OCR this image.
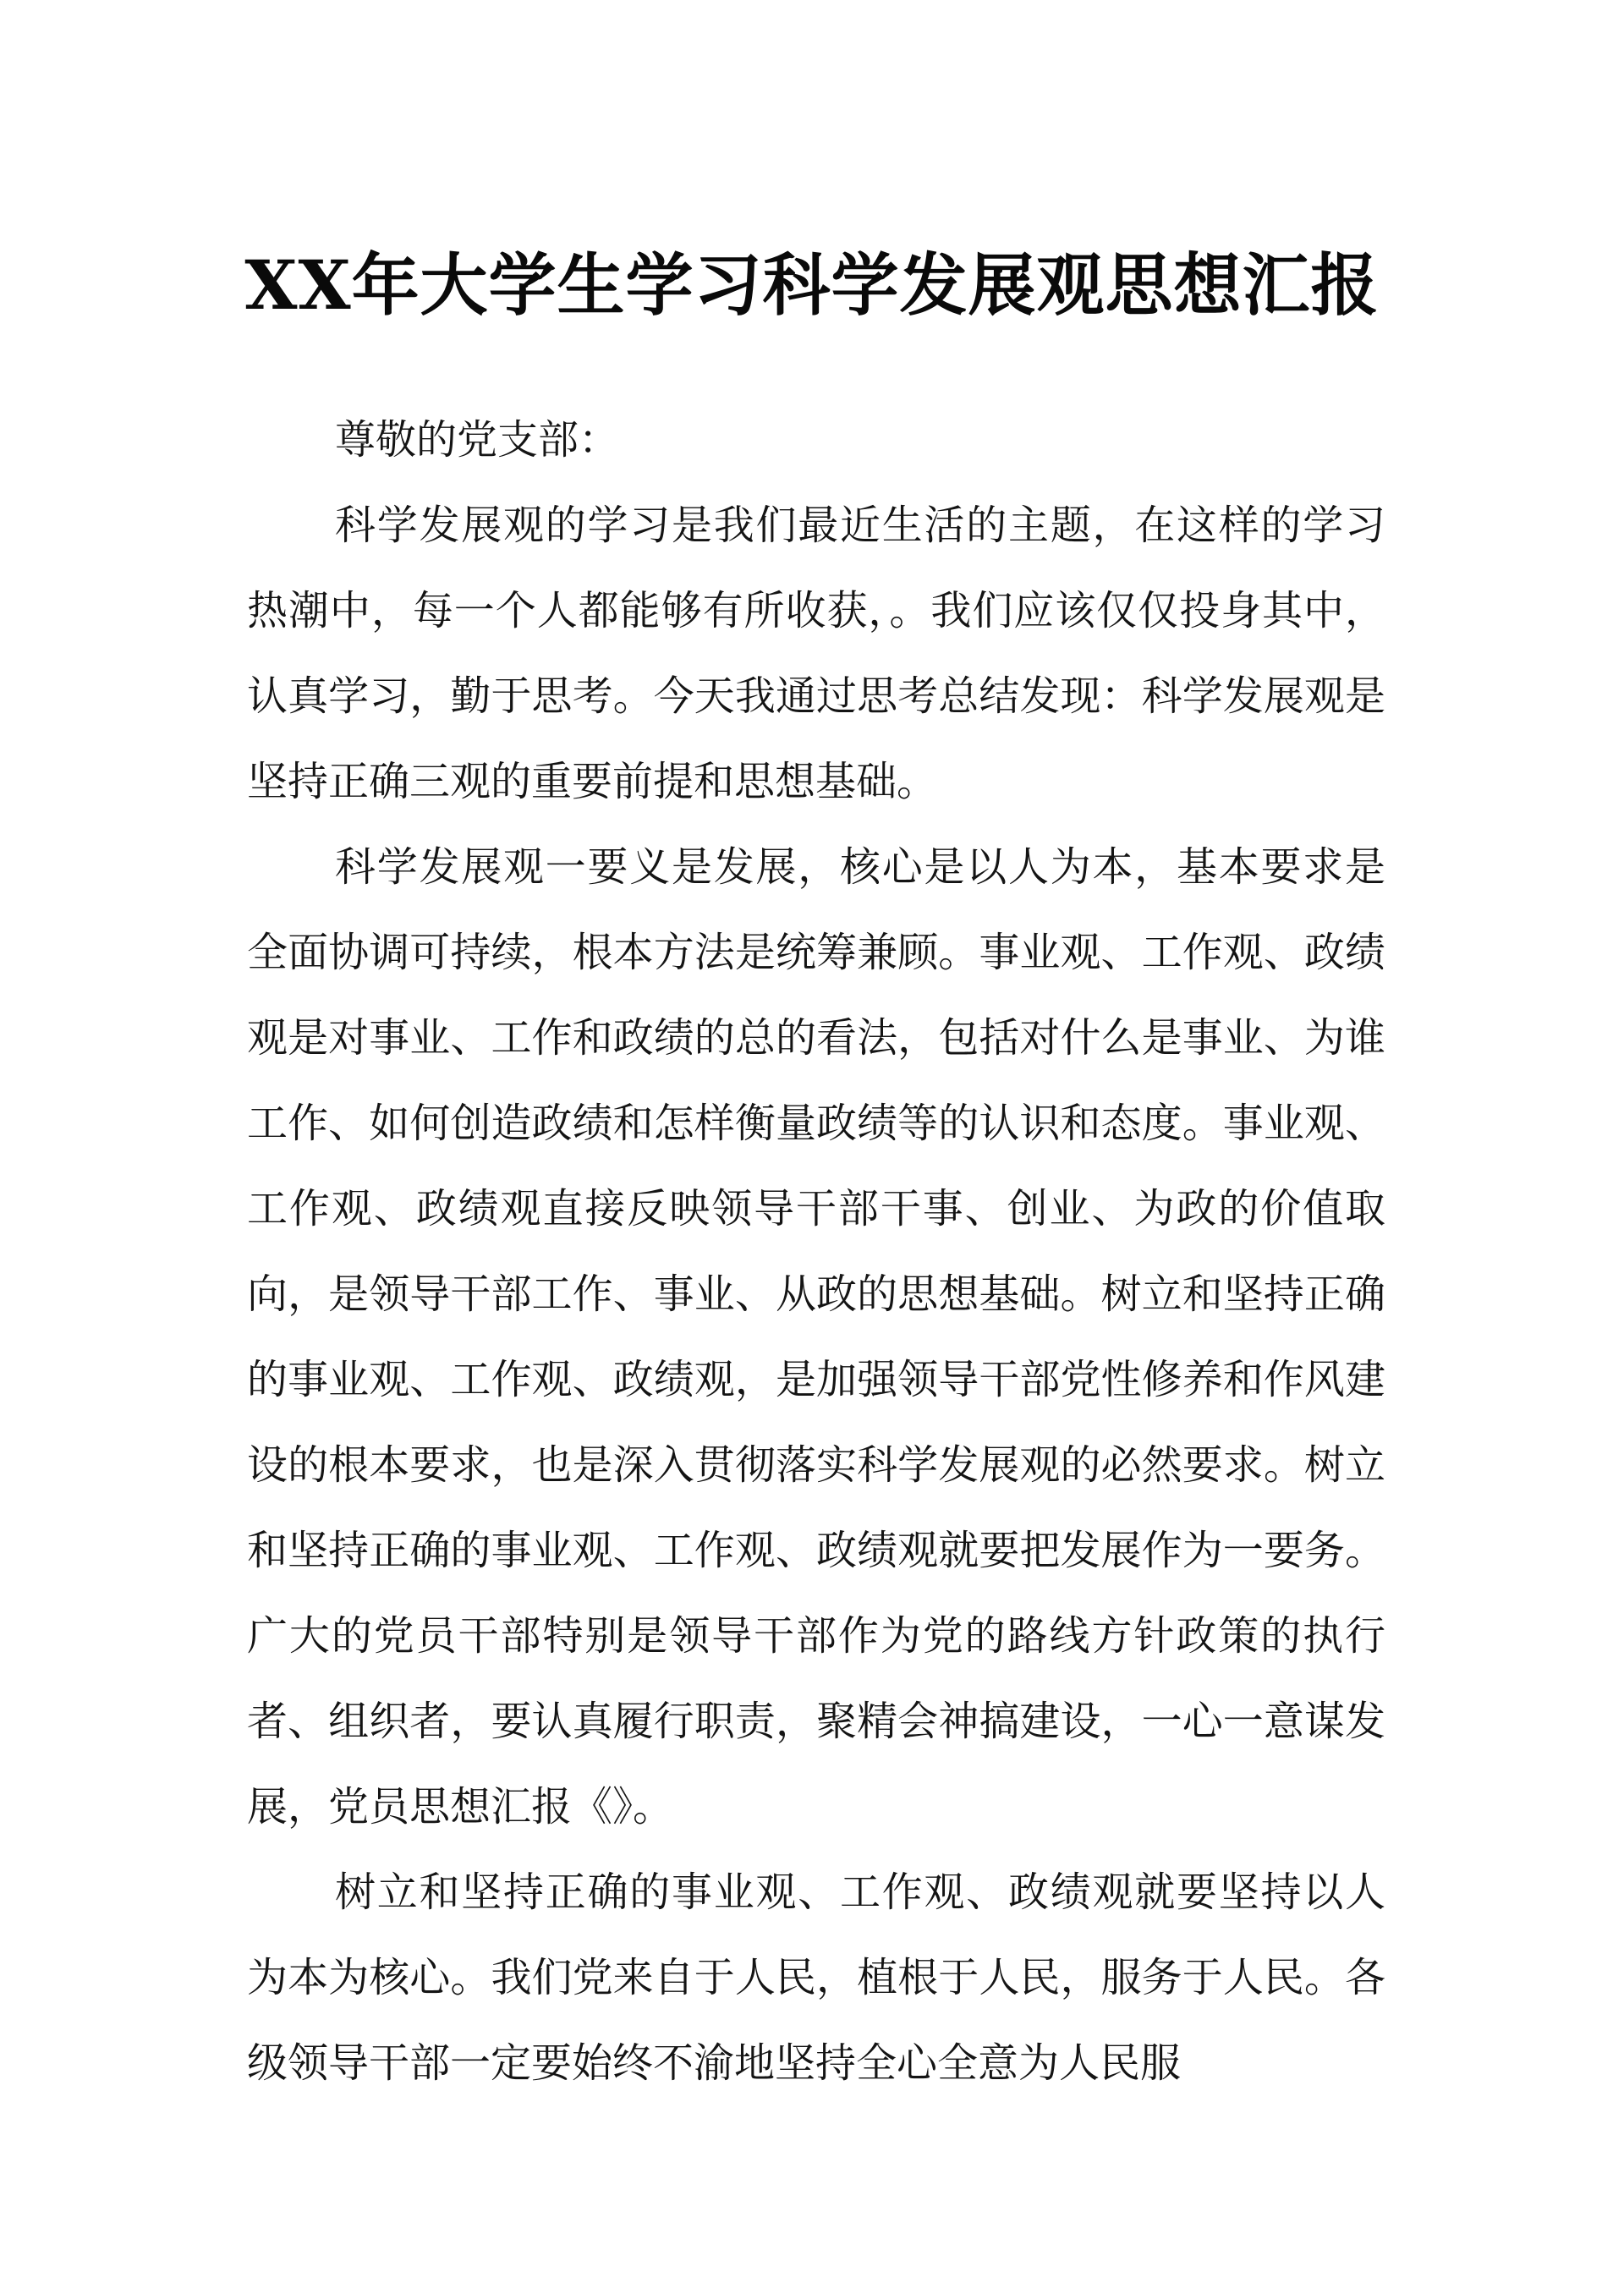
XX年大学生学习科学发展观思想汇报

尊敬的党支部：

科学发展观的学习是我们最近生活的主题，在这样的学习热潮中，每一个人都能够有所收获，。我们应该仅仅投身其中，认真学习，勤于思考。今天我通过思考总结发现：科学发展观是坚持正确三观的重要前提和思想基础。

科学发展观一要义是发展，核心是以人为本，基本要求是全面协调可持续，根本方法是统筹兼顾。事业观、工作观、政绩观是对事业、工作和政绩的总的看法，包括对什么是事业、为谁工作、如何创造政绩和怎样衡量政绩等的认识和态度。事业观、工作观、政绩观直接反映领导干部干事、创业、为政的价值取向，是领导干部工作、事业、从政的思想基础。树立和坚持正确的事业观、工作观、政绩观，是加强领导干部党性修养和作风建设的根本要求，也是深入贯彻落实科学发展观的必然要求。树立和坚持正确的事业观、工作观、政绩观就要把发展作为一要务。广大的党员干部特别是领导干部作为党的路线方针政策的执行者、组织者，要认真履行职责，聚精会神搞建设，一心一意谋发展，党员思想汇报《》。

树立和坚持正确的事业观、工作观、政绩观就要坚持以人为本为核心。我们党来自于人民，植根于人民，服务于人民。各级领导干部一定要始终不渝地坚持全心全意为人民服
